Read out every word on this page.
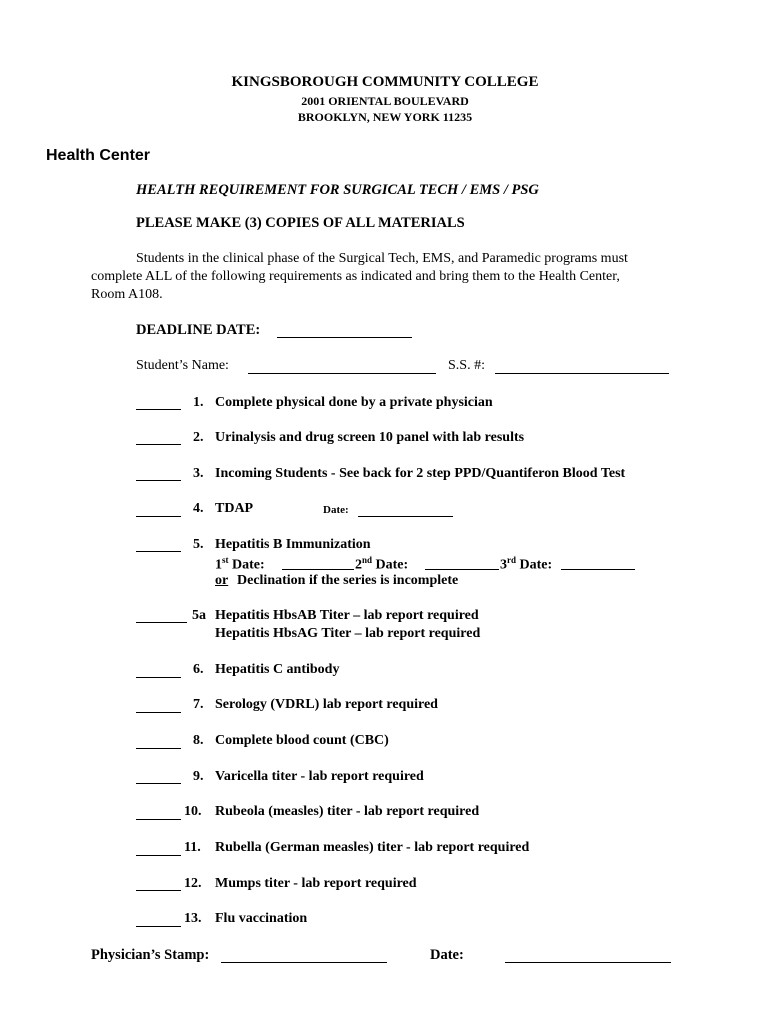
KINGSBOROUGH COMMUNITY COLLEGE
2001 ORIENTAL BOULEVARD
BROOKLYN, NEW YORK 11235
Health Center
HEALTH REQUIREMENT FOR SURGICAL TECH / EMS / PSG
PLEASE MAKE (3) COPIES OF ALL MATERIALS
Students in the clinical phase of the Surgical Tech, EMS, and Paramedic programs must
complete ALL of the following requirements as indicated and bring them to the Health Center,
Room A108.
DEADLINE DATE:
Student’s Name:	S.S. #:
1. Complete physical done by a private physician
2. Urinalysis and drug screen 10 panel with lab results
3. Incoming Students - See back for 2 step PPD/Quantiferon Blood Test
4. TDAP	Date:
5. Hepatitis B Immunization
1st Date:	2nd Date:	3rd Date:
or Declination if the series is incomplete
5a Hepatitis HbsAB Titer – lab report required
Hepatitis HbsAG Titer – lab report required
6. Hepatitis C antibody
7. Serology (VDRL) lab report required
8. Complete blood count (CBC)
9. Varicella titer - lab report required
10. Rubeola (measles) titer - lab report required
11. Rubella (German measles) titer - lab report required
12. Mumps titer - lab report required
13. Flu vaccination
Physician’s Stamp:	Date:
